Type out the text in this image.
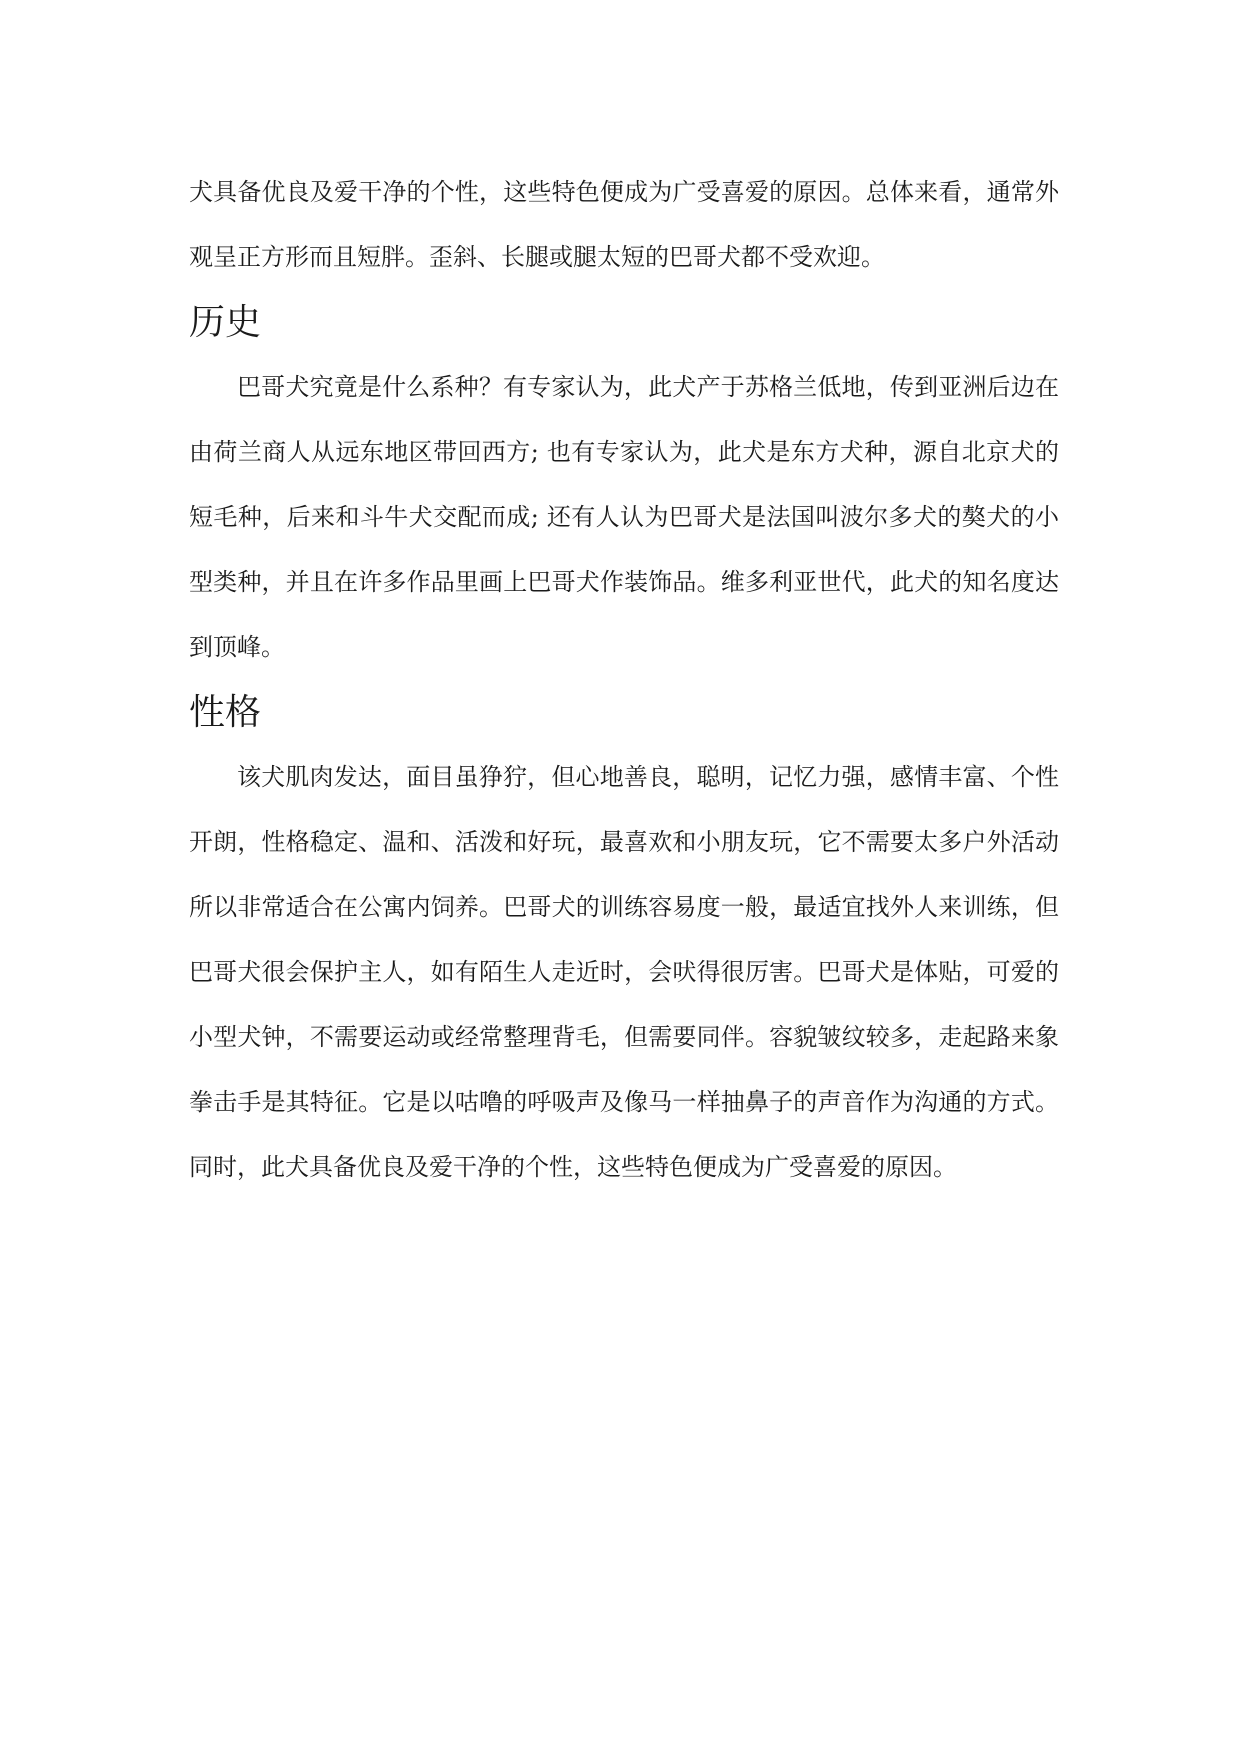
犬具备优良及爱干净的个性，这些特色便成为广受喜爱的原因。总体来看，通常外观呈正方形而且短胖。歪斜、长腿或腿太短的巴哥犬都不受欢迎。

历史

巴哥犬究竟是什么系种？有专家认为，此犬产于苏格兰低地，传到亚洲后边在由荷兰商人从远东地区带回西方; 也有专家认为，此犬是东方犬种，源自北京犬的短毛种，后来和斗牛犬交配而成; 还有人认为巴哥犬是法国叫波尔多犬的獒犬的小型类种，并且在许多作品里画上巴哥犬作装饰品。维多利亚世代，此犬的知名度达到顶峰。

性格

该犬肌肉发达，面目虽狰狞，但心地善良，聪明，记忆力强，感情丰富、个性开朗，性格稳定、温和、活泼和好玩，最喜欢和小朋友玩，它不需要太多户外活动所以非常适合在公寓内饲养。巴哥犬的训练容易度一般，最适宜找外人来训练，但巴哥犬很会保护主人，如有陌生人走近时，会吠得很厉害。巴哥犬是体贴，可爱的小型犬钟，不需要运动或经常整理背毛，但需要同伴。容貌皱纹较多，走起路来象拳击手是其特征。它是以咕噜的呼吸声及像马一样抽鼻子的声音作为沟通的方式。同时，此犬具备优良及爱干净的个性，这些特色便成为广受喜爱的原因。
